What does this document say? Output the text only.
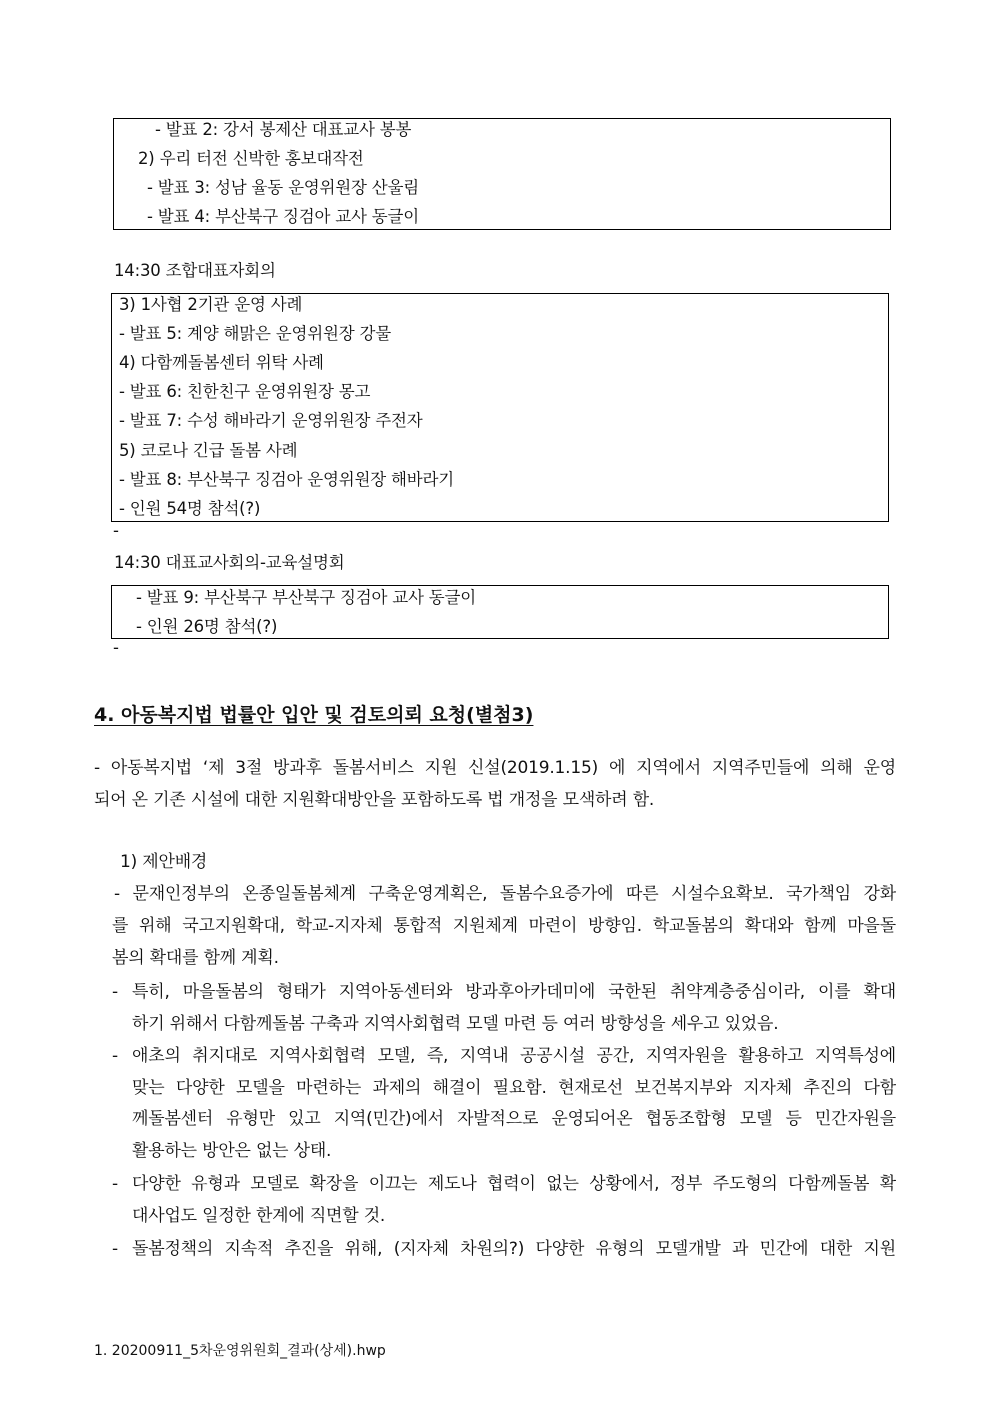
- 발표 2: 강서 봉제산 대표교사 봉봉
2) 우리 터전 신박한 홍보대작전
- 발표 3: 성남 율동 운영위원장 산울림
- 발표 4: 부산북구 징검아 교사 동글이
14:30 조합대표자회의
3) 1사협 2기관 운영 사례
- 발표 5: 계양 해맑은 운영위원장 강물
4) 다함께돌봄센터 위탁 사례
- 발표 6: 친한친구 운영위원장 몽고
- 발표 7: 수성 해바라기 운영위원장 주전자
5) 코로나 긴급 돌봄 사례
- 발표 8: 부산북구 징검아 운영위원장 해바라기
- 인원 54명 참석(?)
-
14:30 대표교사회의-교육설명회
- 발표 9: 부산북구 부산북구 징검아 교사 동글이
- 인원 26명 참석(?)
-
4. 아동복지법 법률안 입안 및 검토의뢰 요청(별첨3)
- 아동복지법 ‘제 3절 방과후 돌봄서비스 지원 신설(2019.1.15) 에 지역에서 지역주민들에 의해 운영
되어 온 기존 시설에 대한 지원확대방안을 포함하도록 법 개정을 모색하려 함.
1) 제안배경
- 문재인정부의 온종일돌봄체계 구축운영계획은, 돌봄수요증가에 따른 시설수요확보. 국가책임 강화
를 위해 국고지원확대, 학교-지자체 통합적 지원체계 마련이 방향임. 학교돌봄의 확대와 함께 마을돌
봄의 확대를 함께 계획.
- 특히, 마을돌봄의 형태가 지역아동센터와 방과후아카데미에 국한된 취약계층중심이라, 이를 확대
하기 위해서 다함께돌봄 구축과 지역사회협력 모델 마련 등 여러 방향성을 세우고 있었음.
- 애초의 취지대로 지역사회협력 모델, 즉, 지역내 공공시설 공간, 지역자원을 활용하고 지역특성에
맞는 다양한 모델을 마련하는 과제의 해결이 필요함. 현재로선 보건복지부와 지자체 추진의 다함
께돌봄센터 유형만 있고 지역(민간)에서 자발적으로 운영되어온 협동조합형 모델 등 민간자원을
활용하는 방안은 없는 상태.
- 다양한 유형과 모델로 확장을 이끄는 제도나 협력이 없는 상황에서, 정부 주도형의 다함께돌봄 확
대사업도 일정한 한계에 직면할 것.
- 돌봄정책의 지속적 추진을 위해, (지자체 차원의?) 다양한 유형의 모델개발 과 민간에 대한 지원
1. 20200911_5차운영위원회_결과(상세).hwp
